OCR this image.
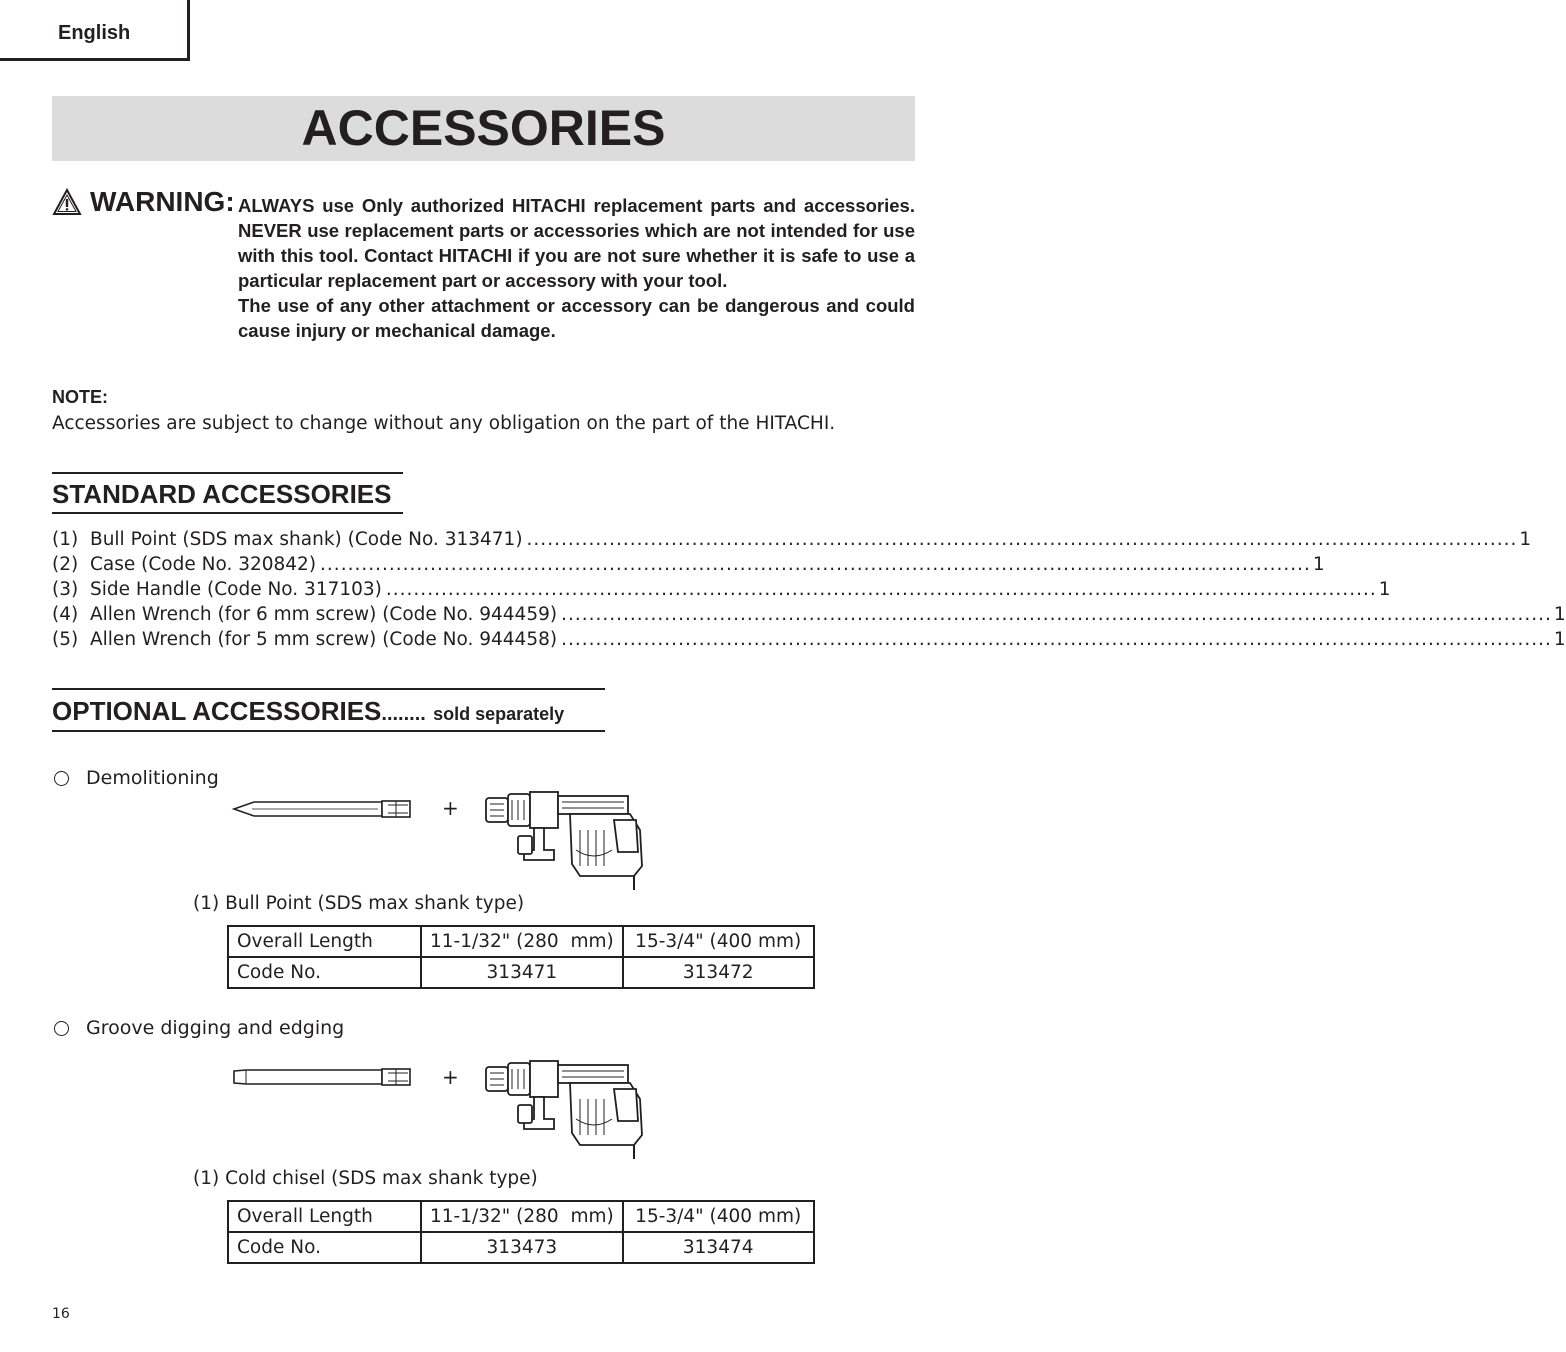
English
ACCESSORIES
WARNING: ALWAYS use Only authorized HITACHI replacement parts and accessories. NEVER use replacement parts or accessories which are not intended for use with this tool. Contact HITACHI if you are not sure whether it is safe to use a particular replacement part or accessory with your tool.

The use of any other attachment or accessory can be dangerous and could cause injury or mechanical damage.

NOTE:
Accessories are subject to change without any obligation on the part of the HITACHI.
STANDARD ACCESSORIES
(1) Bull Point (SDS max shank) (Code No. 313471) ................................................................................................................................................ 1
(2) Case (Code No. 320842) ................................................................................................................................................ 1
(3) Side Handle (Code No. 317103) ................................................................................................................................................ 1
(4) Allen Wrench (for 6 mm screw) (Code No. 944459) ................................................................................................................................................ 1
(5) Allen Wrench (for 5 mm screw) (Code No. 944458) ................................................................................................................................................ 1
OPTIONAL ACCESSORIES........ sold separately
Demolitioning
+
(1) Bull Point (SDS max shank type)
Overall Length	11-1/32" (280  mm)	15-3/4" (400 mm)
Code No.	313471	313472
Groove digging and edging
+
(1) Cold chisel (SDS max shank type)
Overall Length	11-1/32" (280  mm)	15-3/4" (400 mm)
Code No.	313473	313474
16
